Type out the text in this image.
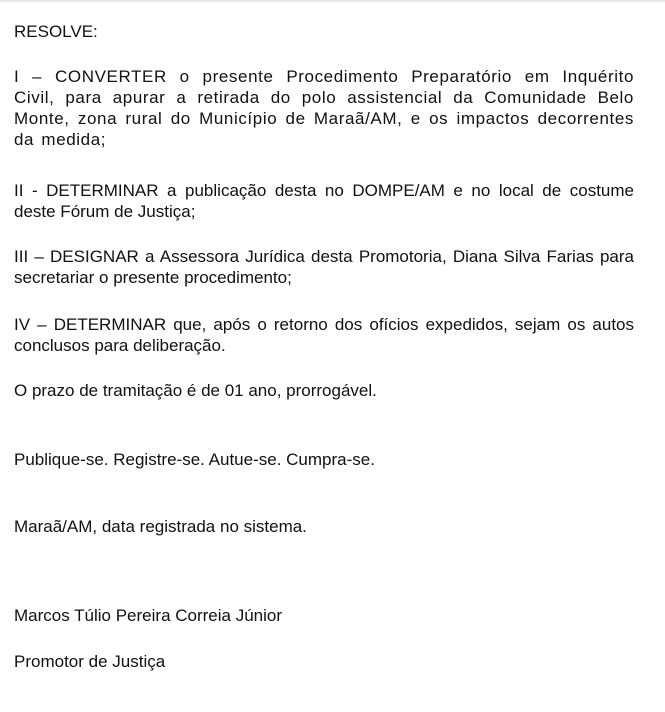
RESOLVE:

I – CONVERTER o presente Procedimento Preparatório em Inquérito Civil, para apurar a retirada do polo assistencial da Comunidade Belo Monte, zona rural do Município de Maraã/AM, e os impactos decorrentes da medida;

II - DETERMINAR a publicação desta no DOMPE/AM e no local de costume deste Fórum de Justiça;

III – DESIGNAR a Assessora Jurídica desta Promotoria, Diana Silva Farias para secretariar o presente procedimento;

IV – DETERMINAR que, após o retorno dos ofícios expedidos, sejam os autos conclusos para deliberação.

O prazo de tramitação é de 01 ano, prorrogável.

Publique-se. Registre-se. Autue-se. Cumpra-se.

Maraã/AM, data registrada no sistema.

Marcos Túlio Pereira Correia Júnior

Promotor de Justiça
